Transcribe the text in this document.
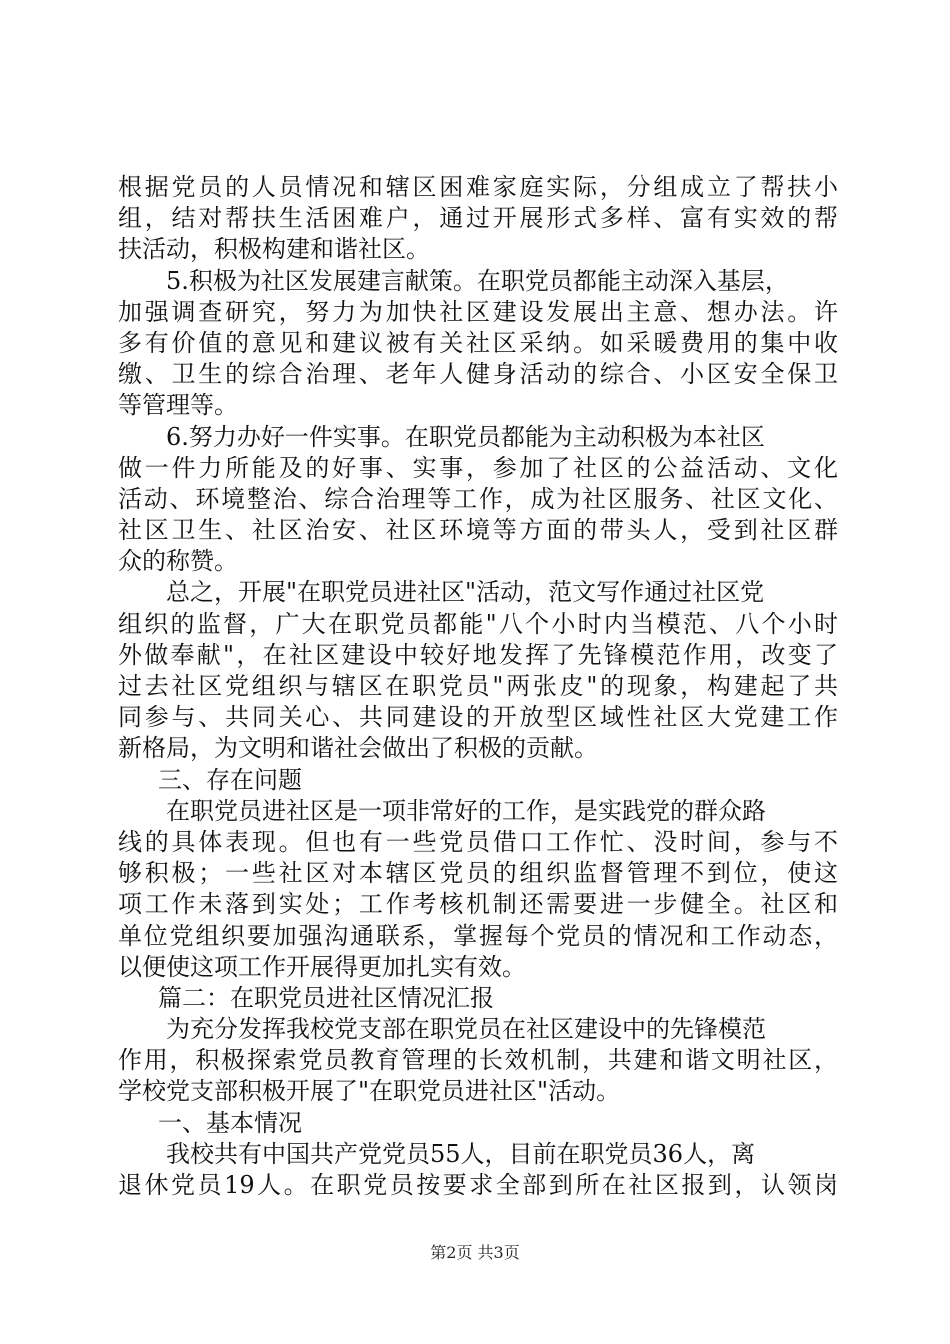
根据党员的人员情况和辖区困难家庭实际，分组成立了帮扶小
组，结对帮扶生活困难户，通过开展形式多样、富有实效的帮
扶活动，积极构建和谐社区。
5.积极为社区发展建言献策。在职党员都能主动深入基层，
加强调查研究，努力为加快社区建设发展出主意、想办法。许
多有价值的意见和建议被有关社区采纳。如采暖费用的集中收
缴、卫生的综合治理、老年人健身活动的综合、小区安全保卫
等管理等。
6.努力办好一件实事。在职党员都能为主动积极为本社区
做一件力所能及的好事、实事，参加了社区的公益活动、文化
活动、环境整治、综合治理等工作，成为社区服务、社区文化、
社区卫生、社区治安、社区环境等方面的带头人，受到社区群
众的称赞。
总之，开展"在职党员进社区"活动，范文写作通过社区党
组织的监督，广大在职党员都能"八个小时内当模范、八个小时
外做奉献"，在社区建设中较好地发挥了先锋模范作用，改变了
过去社区党组织与辖区在职党员"两张皮"的现象，构建起了共
同参与、共同关心、共同建设的开放型区域性社区大党建工作
新格局，为文明和谐社会做出了积极的贡献。
三、存在问题
在职党员进社区是一项非常好的工作，是实践党的群众路
线的具体表现。但也有一些党员借口工作忙、没时间，参与不
够积极；一些社区对本辖区党员的组织监督管理不到位，使这
项工作未落到实处；工作考核机制还需要进一步健全。社区和
单位党组织要加强沟通联系，掌握每个党员的情况和工作动态，
以便使这项工作开展得更加扎实有效。
篇二：在职党员进社区情况汇报
为充分发挥我校党支部在职党员在社区建设中的先锋模范
作用，积极探索党员教育管理的长效机制，共建和谐文明社区，
学校党支部积极开展了"在职党员进社区"活动。
一、基本情况
我校共有中国共产党党员55人，目前在职党员36人，离
退休党员19人。在职党员按要求全部到所在社区报到，认领岗
第2页 共3页
